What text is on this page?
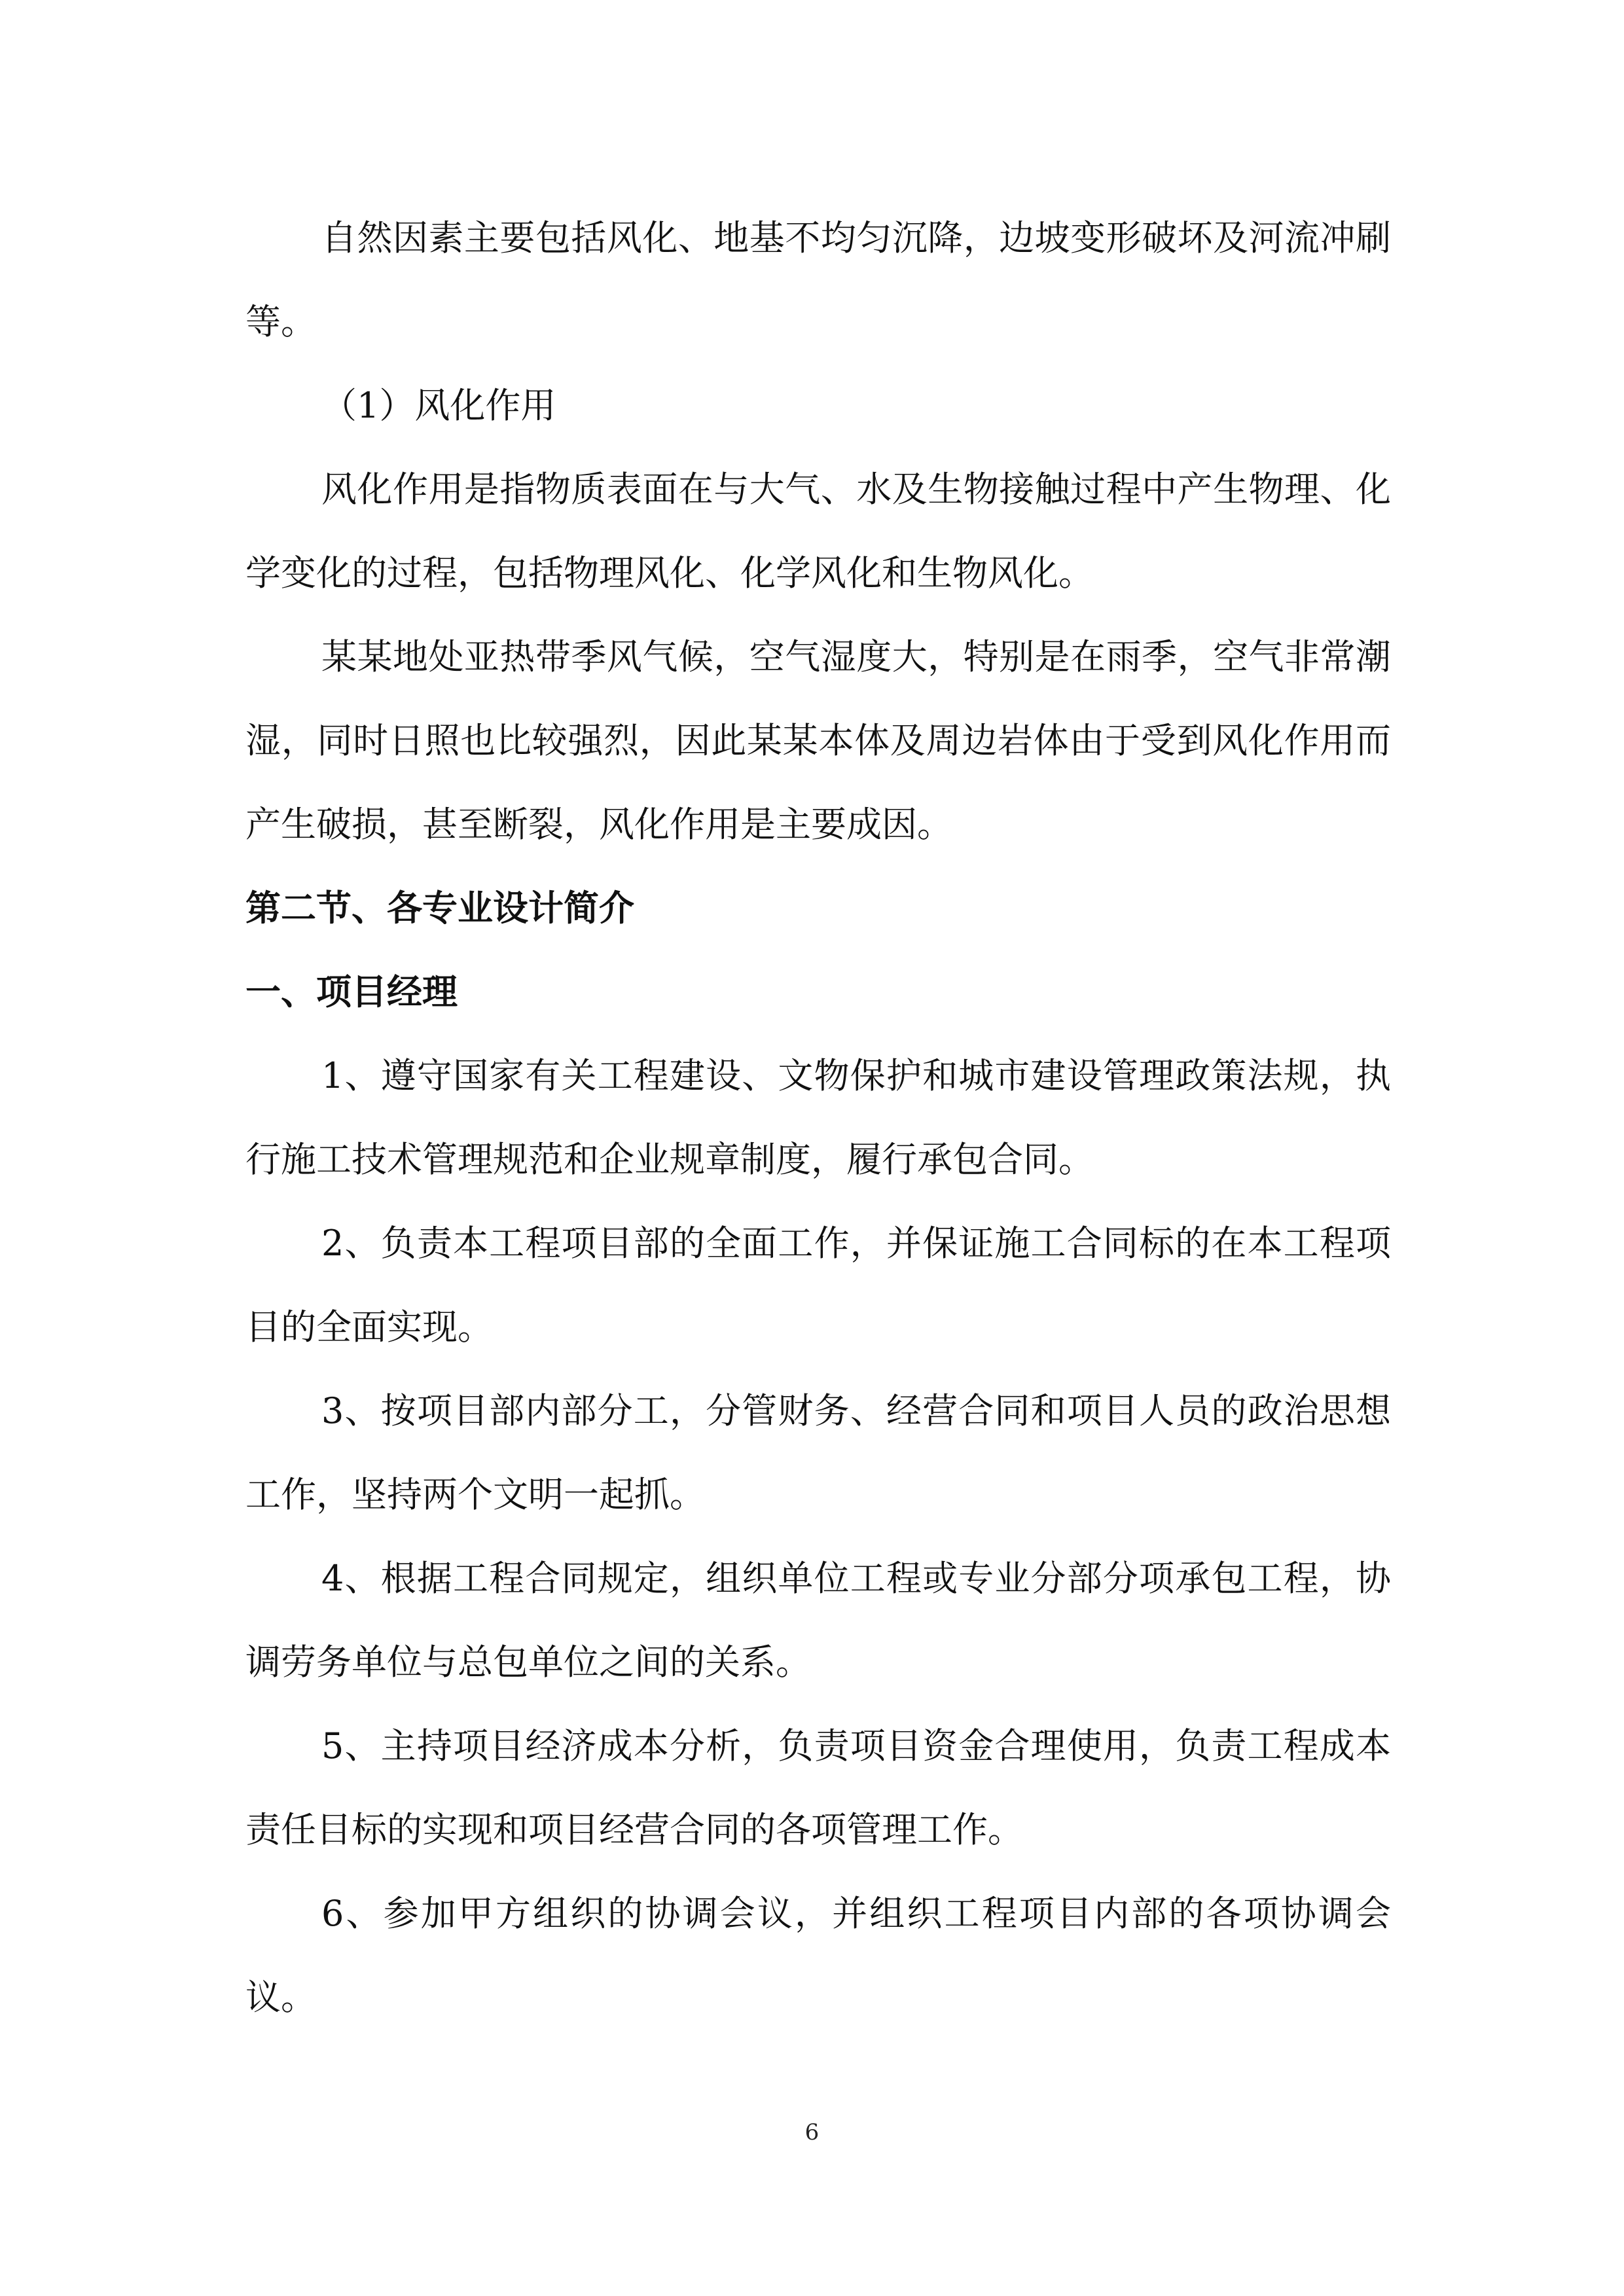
自然因素主要包括风化、地基不均匀沉降，边坡变形破坏及河流冲刷等。

（1）风化作用

风化作用是指物质表面在与大气、水及生物接触过程中产生物理、化学变化的过程，包括物理风化、化学风化和生物风化。

某某地处亚热带季风气候，空气湿度大，特别是在雨季，空气非常潮湿，同时日照也比较强烈，因此某某本体及周边岩体由于受到风化作用而产生破损，甚至断裂，风化作用是主要成因。

第二节、各专业设计简介
一、项目经理

1、遵守国家有关工程建设、文物保护和城市建设管理政策法规，执行施工技术管理规范和企业规章制度，履行承包合同。

2、负责本工程项目部的全面工作，并保证施工合同标的在本工程项目的全面实现。

3、按项目部内部分工，分管财务、经营合同和项目人员的政治思想工作，坚持两个文明一起抓。

4、根据工程合同规定，组织单位工程或专业分部分项承包工程，协调劳务单位与总包单位之间的关系。

5、主持项目经济成本分析，负责项目资金合理使用，负责工程成本责任目标的实现和项目经营合同的各项管理工作。

6、参加甲方组织的协调会议，并组织工程项目内部的各项协调会议。

6
